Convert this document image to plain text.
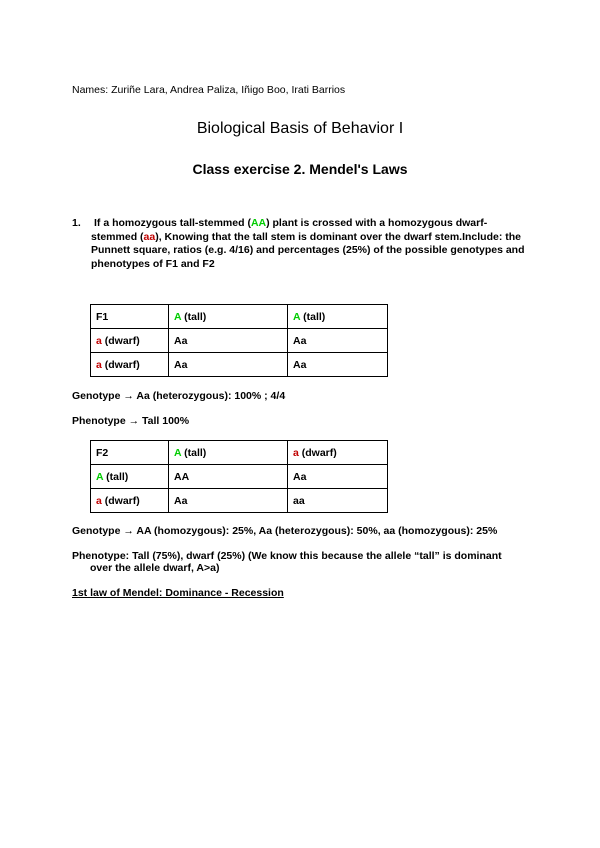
Names: Zuriñe Lara, Andrea Paliza, Iñigo Boo, Irati Barrios
Biological Basis of Behavior I
Class exercise 2. Mendel's Laws
1. If a homozygous tall-stemmed (AA) plant is crossed with a homozygous dwarf-stemmed (aa), Knowing that the tall stem is dominant over the dwarf stem.Include: the Punnett square, ratios (e.g. 4/16) and percentages (25%) of the possible genotypes and phenotypes of F1 and F2
F1	A (tall)	A (tall)
a (dwarf)	Aa	Aa
a (dwarf)	Aa	Aa
Genotype → Aa (heterozygous): 100% ; 4/4
Phenotype → Tall 100%
F2	A (tall)	a (dwarf)
A (tall)	AA	Aa
a (dwarf)	Aa	aa
Genotype → AA (homozygous): 25%, Aa (heterozygous): 50%, aa (homozygous): 25%
Phenotype: Tall (75%), dwarf (25%) (We know this because the allele “tall” is dominant
over the allele dwarf, A>a)
1st law of Mendel: Dominance - Recession
